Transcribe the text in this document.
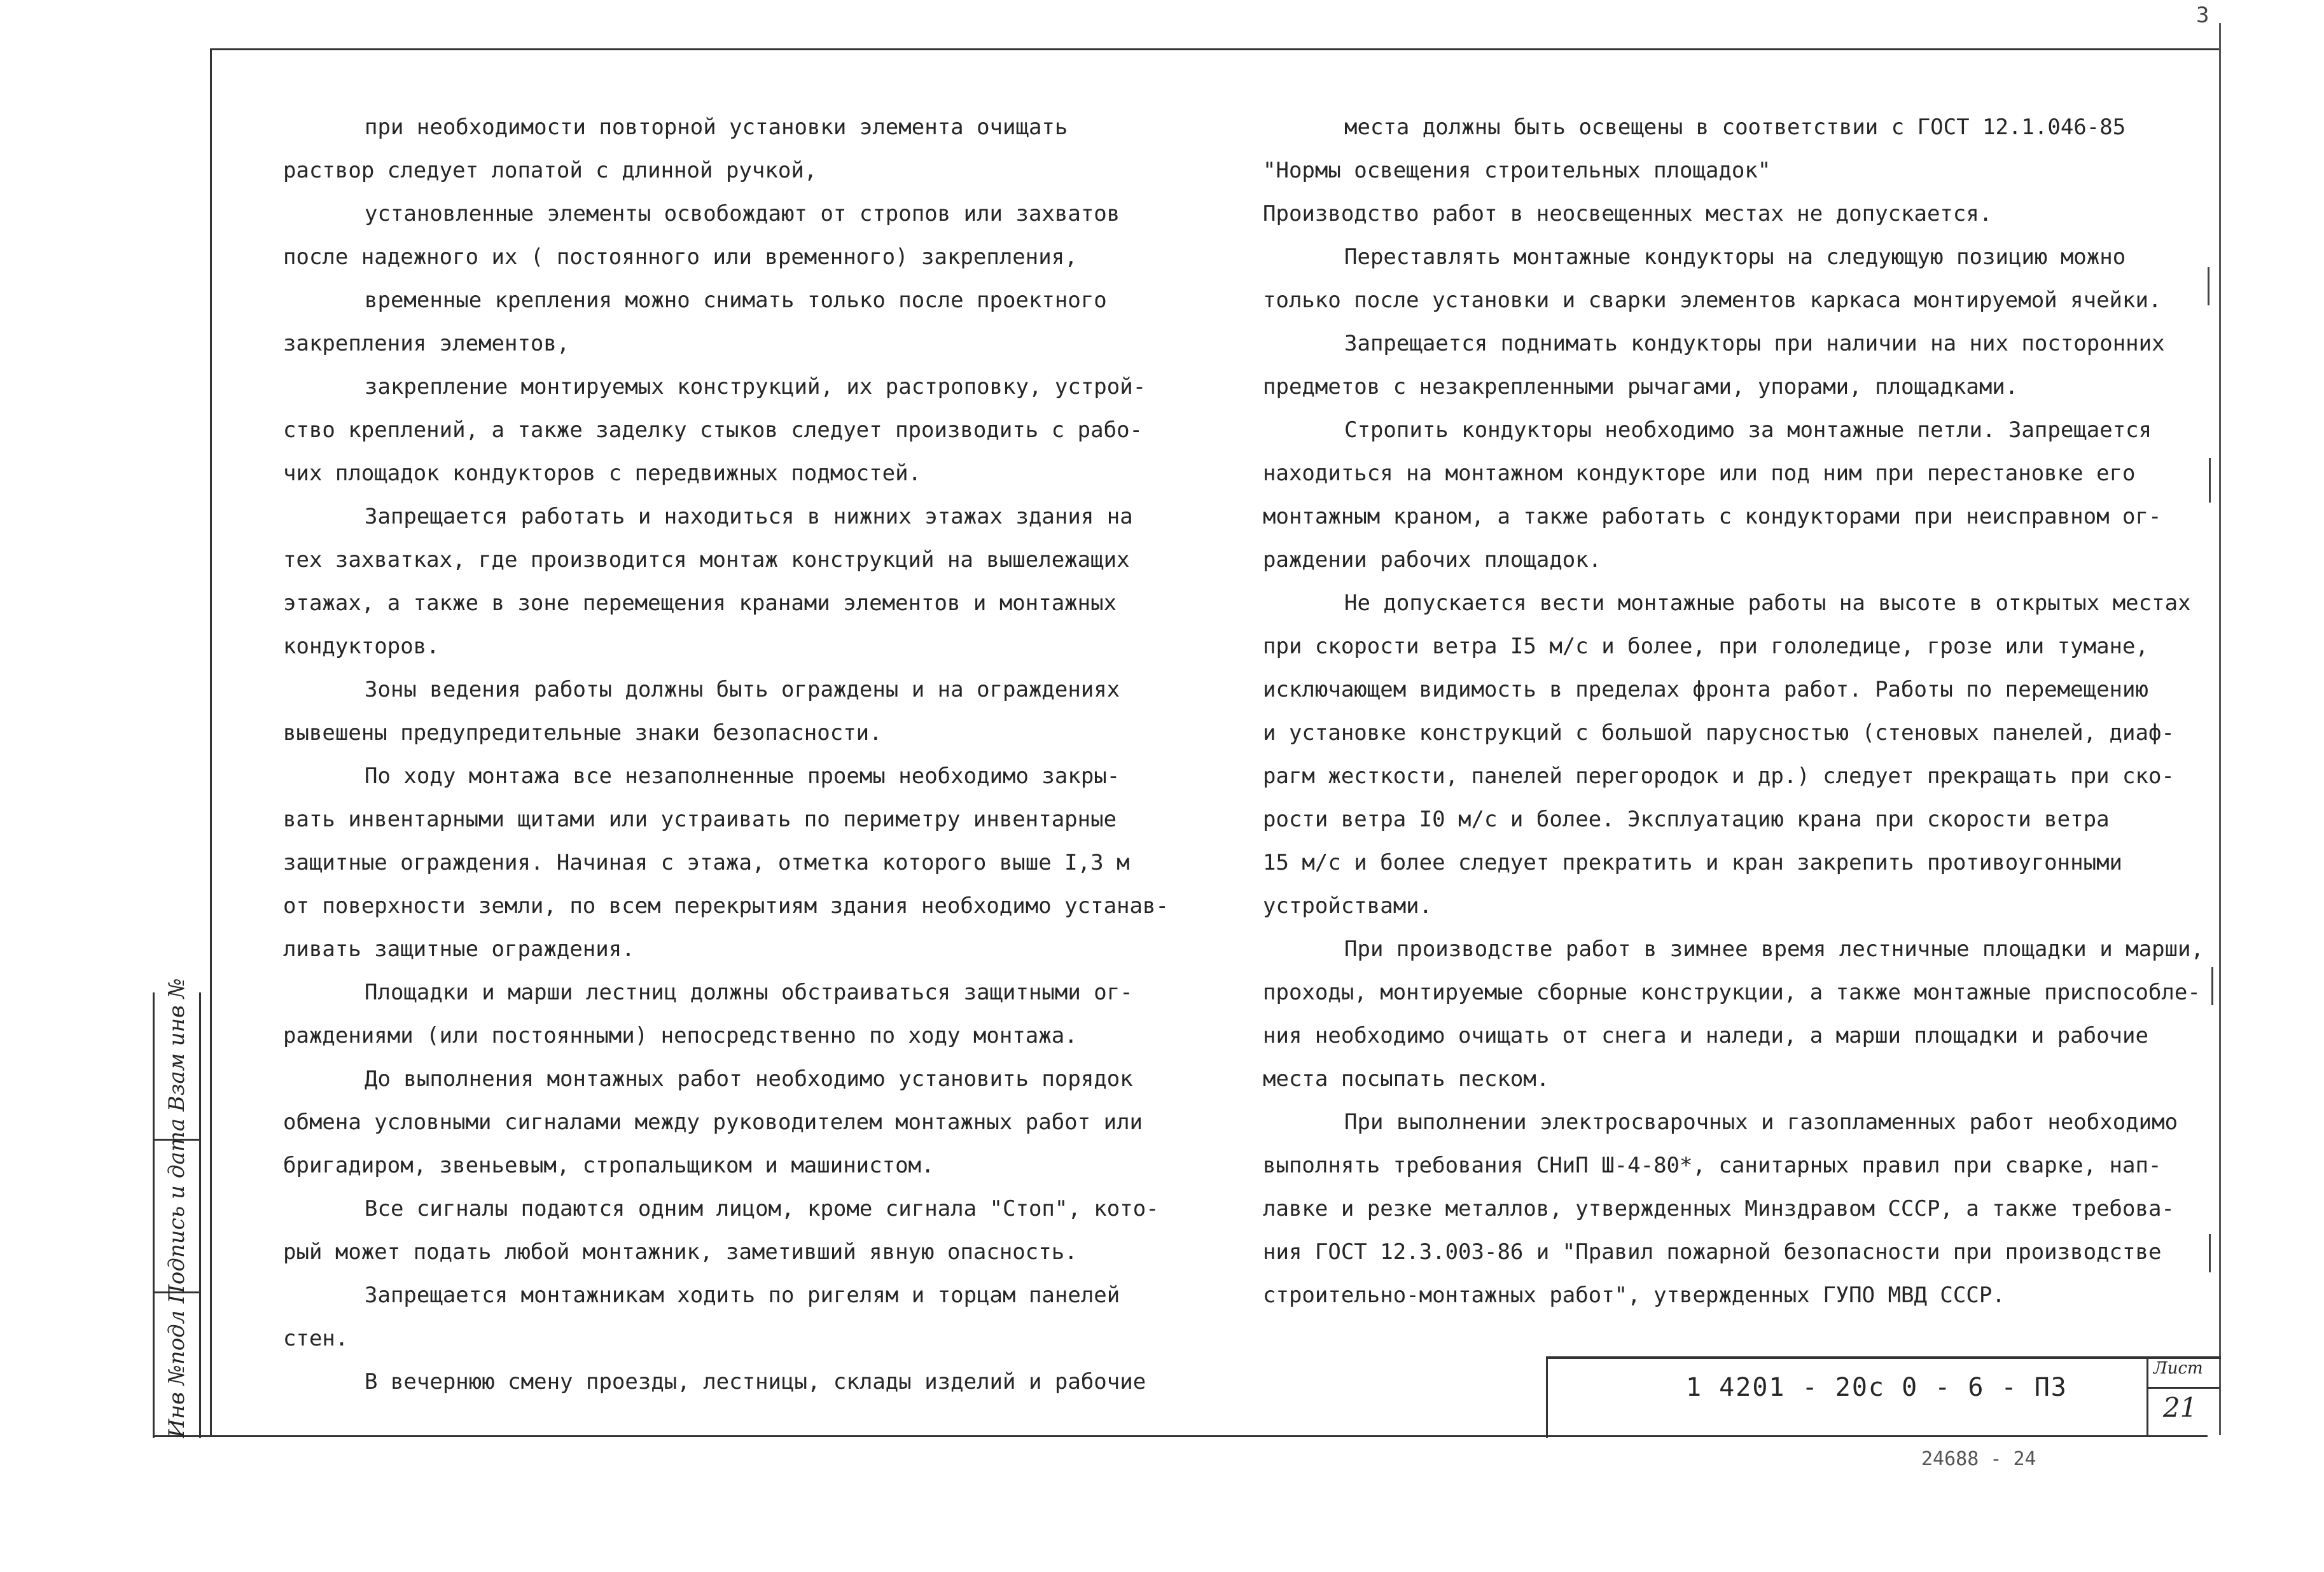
3

при необходимости повторной установки элемента очищать
раствор следует лопатой с длинной ручкой,

установленные элементы освобождают от стропов или захватов
после надежного их ( постоянного или временного) закрепления,

временные крепления можно снимать только после проектного
закрепления элементов,

закрепление монтируемых конструкций, их растроповку, устрой-
ство креплений, а также заделку стыков следует производить с рабо-
чих площадок кондукторов с передвижных подмостей.

Запрещается работать и находиться в нижних этажах здания на
тех захватках, где производится монтаж конструкций на вышележащих
этажах, а также в зоне перемещения кранами элементов и монтажных
кондукторов.

Зоны ведения работы должны быть ограждены и на ограждениях
вывешены предупредительные знаки безопасности.

По ходу монтажа все незаполненные проемы необходимо закры-
вать инвентарными щитами или устраивать по периметру инвентарные
защитные ограждения. Начиная с этажа, отметка которого выше I,3 м
от поверхности земли, по всем перекрытиям здания необходимо устанав-
ливать защитные ограждения.

Площадки и марши лестниц должны обстраиваться защитными ог-
раждениями (или постоянными) непосредственно по ходу монтажа.

До выполнения монтажных работ необходимо установить порядок
обмена условными сигналами между руководителем монтажных работ или
бригадиром, звеньевым, стропальщиком и машинистом.

Все сигналы подаются одним лицом, кроме сигнала "Стоп", кото-
рый может подать любой монтажник, заметивший явную опасность.

Запрещается монтажникам ходить по ригелям и торцам панелей
стен.

В вечернюю смену проезды, лестницы, склады изделий и рабочие

места должны быть освещены в соответствии с ГОСТ 12.1.046-85
"Нормы освещения строительных площадок"
Производство работ в неосвещенных местах не допускается.

Переставлять монтажные кондукторы на следующую позицию можно
только после установки и сварки элементов каркаса монтируемой ячейки.

Запрещается поднимать кондукторы при наличии на них посторонних
предметов с незакрепленными рычагами, упорами, площадками.

Стропить кондукторы необходимо за монтажные петли. Запрещается
находиться на монтажном кондукторе или под ним при перестановке его
монтажным краном, а также работать с кондукторами при неисправном ог-
раждении рабочих площадок.

Не допускается вести монтажные работы на высоте в открытых местах
при скорости ветра I5 м/с и более, при гололедице, грозе или тумане,
исключающем видимость в пределах фронта работ. Работы по перемещению
и установке конструкций с большой парусностью (стеновых панелей, диаф-
рагм жесткости, панелей перегородок и др.) следует прекращать при ско-
рости ветра I0 м/с и более. Эксплуатацию крана при скорости ветра
15 м/с и более следует прекратить и кран закрепить противоугонными
устройствами.

При производстве работ в зимнее время лестничные площадки и марши,
проходы, монтируемые сборные конструкции, а также монтажные приспособле-
ния необходимо очищать от снега и наледи, а марши площадки и рабочие
места посыпать песком.

При выполнении электросварочных и газопламенных работ необходимо
выполнять требования СНиП Ш-4-80*, санитарных правил при сварке, нап-
лавке и резке металлов, утвержденных Минздравом СССР, а также требова-
ния ГОСТ 12.3.003-86 и "Правил пожарной безопасности при производстве
строительно-монтажных работ", утвержденных ГУПО МВД СССР.

Инв №подл Подпись и дата Взам инв №	1 4201 - 20с 0 - 6 - ПЗ
Лист
21
24688 - 24
